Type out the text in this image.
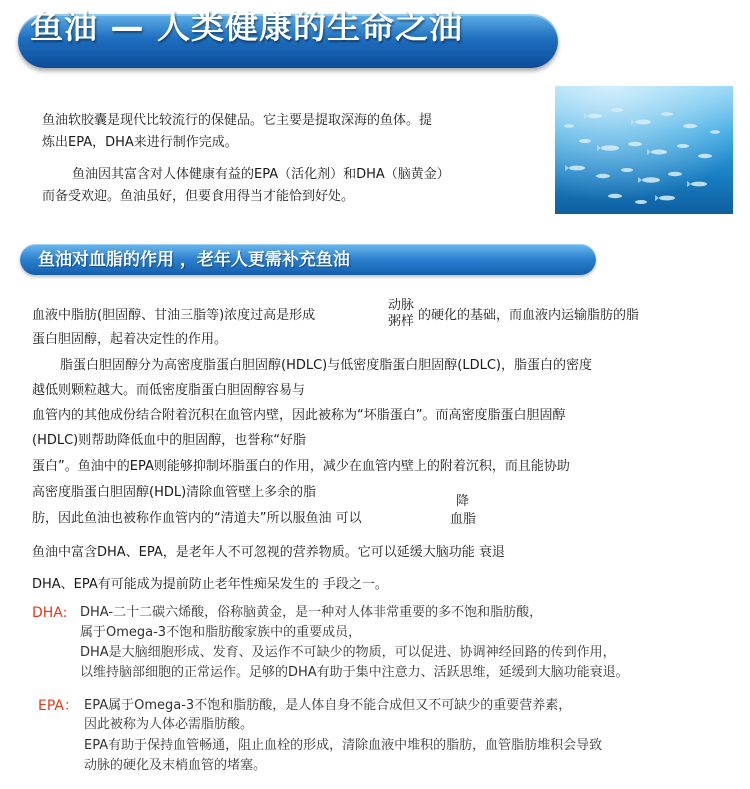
鱼油 — 人类健康的生命之油
鱼油软胶囊是现代比较流行的保健品。它主要是提取深海的鱼体。提
炼出EPA，DHA来进行制作完成。
鱼油因其富含对人体健康有益的EPA（活化剂）和DHA（脑黄金）
而备受欢迎。鱼油虽好，但要食用得当才能恰到好处。
鱼油对血脂的作用 ，老年人更需补充鱼油
血液中脂肪(胆固醇、甘油三脂等)浓度过高是形成
动脉
粥样 的硬化的基础，而血液内运输脂肪的脂
蛋白胆固醇，起着决定性的作用。
脂蛋白胆固醇分为高密度脂蛋白胆固醇(HDLC)与低密度脂蛋白胆固醇(LDLC)，脂蛋白的密度
越低则颗粒越大。而低密度脂蛋白胆固醇容易与
血管内的其他成份结合附着沉积在血管内壁，因此被称为“坏脂蛋白”。而高密度脂蛋白胆固醇
(HDLC)则帮助降低血中的胆固醇，也誉称“好脂
蛋白”。鱼油中的EPA则能够抑制坏脂蛋白的作用，减少在血管内壁上的附着沉积，而且能协助
高密度脂蛋白胆固醇(HDL)清除血管壁上多余的脂
肪，因此鱼油也被称作血管内的“清道夫”所以服鱼油 可以
降
血脂
鱼油中富含DHA、EPA，是老年人不可忽视的营养物质。它可以延缓大脑功能 衰退
DHA、EPA有可能成为提前防止老年性痴呆发生的 手段之一。
DHA: DHA-二十二碳六烯酸，俗称脑黄金，是一种对人体非常重要的多不饱和脂肪酸，
属于Omega-3不饱和脂肪酸家族中的重要成员，
DHA是大脑细胞形成、发育、及运作不可缺少的物质，可以促进、协调神经回路的传到作用，
以维持脑部细胞的正常运作。足够的DHA有助于集中注意力、活跃思维，延缓到大脑功能衰退。
EPA： EPA属于Omega-3不饱和脂肪酸，是人体自身不能合成但又不可缺少的重要营养素，
因此被称为人体必需脂肪酸。
EPA有助于保持血管畅通，阻止血栓的形成，清除血液中堆积的脂肪，血管脂肪堆积会导致
动脉的硬化及末梢血管的堵塞。
